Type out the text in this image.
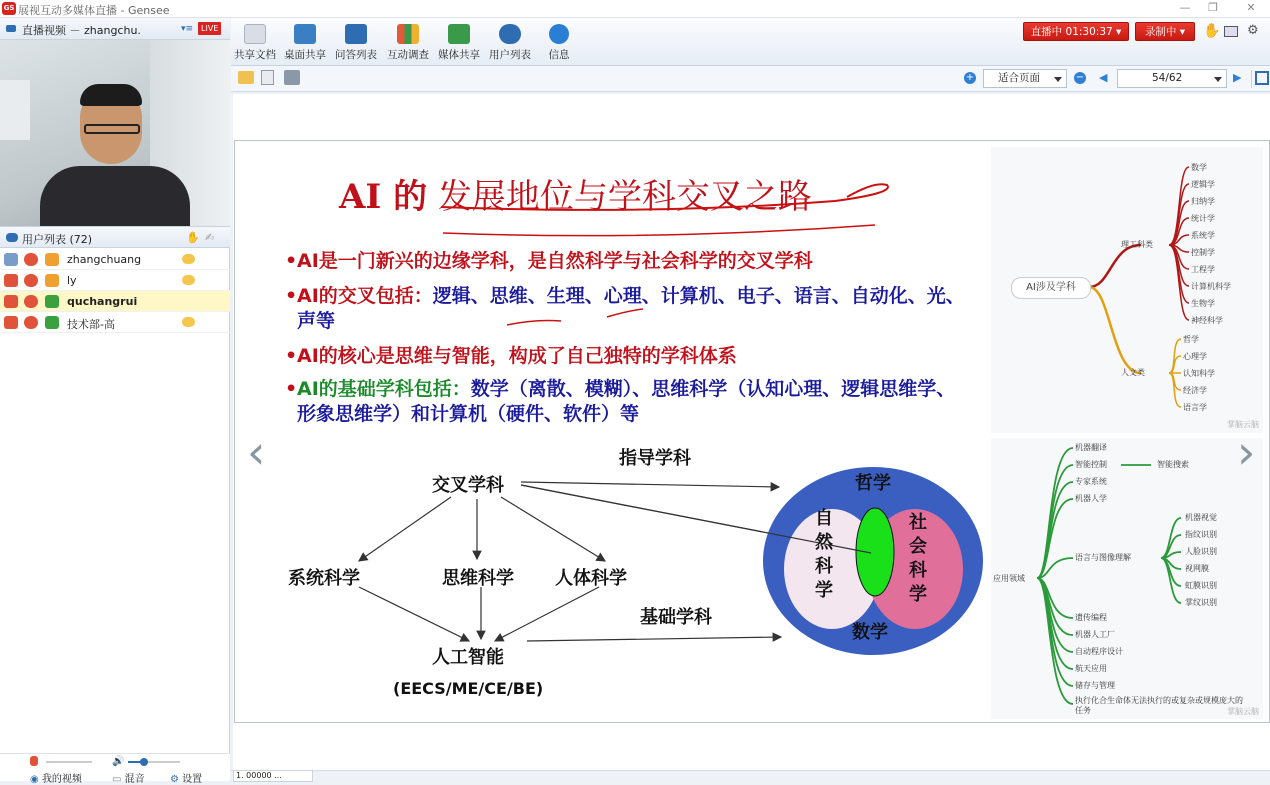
GS 展视互动多媒体直播 - Gensee	—	❐	✕
直播视频 － zhangchu.	▾≡ LIVE
用户列表 (72)	✋ ✍
zhangchuang
ly
quchangrui
技术部-高
🔊
◉ 我的视频	▭ 混音	⚙ 设置
共享文档 桌面共享 问答列表 互动调查 媒体共享 用户列表	信息
直播中 01:30:37 ▾	录制中 ▾	✋ ⚙
+	适合页面	− ◀	54/62	▶
AI 的 发展地位与学科交叉之路
• AI是一门新兴的边缘学科，是自然科学与社会科学的交叉学科
• AI的交叉包括：逻辑、思维、生理、心理、计算机、电子、语言、自动化、光、声等
• AI的核心是思维与智能，构成了自己独特的学科体系
• AI的基础学科包括：数学（离散、模糊）、思维科学（认知心理、逻辑思维学、形象思维学）和计算机（硬件、软件）等
交叉学科
指导学科
系统科学	思维科学 人体科学
基础学科
人工智能
(EECS/ME/CE/BE)
哲学
数学
自
然
科
学
社
会
科
学
‹
AI涉及学科
理工科类
人文类
数学
逻辑学
归纳学
统计学
系统学
控制学
工程学
计算机科学
生物学
神经科学
哲学
心理学
认知科学
经济学
语言学
掌脑云脑
应用领域
机器翻译
智能控制
专家系统
机器人学
智能搜索
语言与图像理解
机器视觉
指纹识别
人脸识别
视网膜
虹膜识别
掌纹识别
遗传编程
机器人工厂
自动程序设计
航天应用
储存与管理
执行化合生命体无法执行的或复杂或规模庞大的任务	掌脑云脑
›
1. 00000 ...
